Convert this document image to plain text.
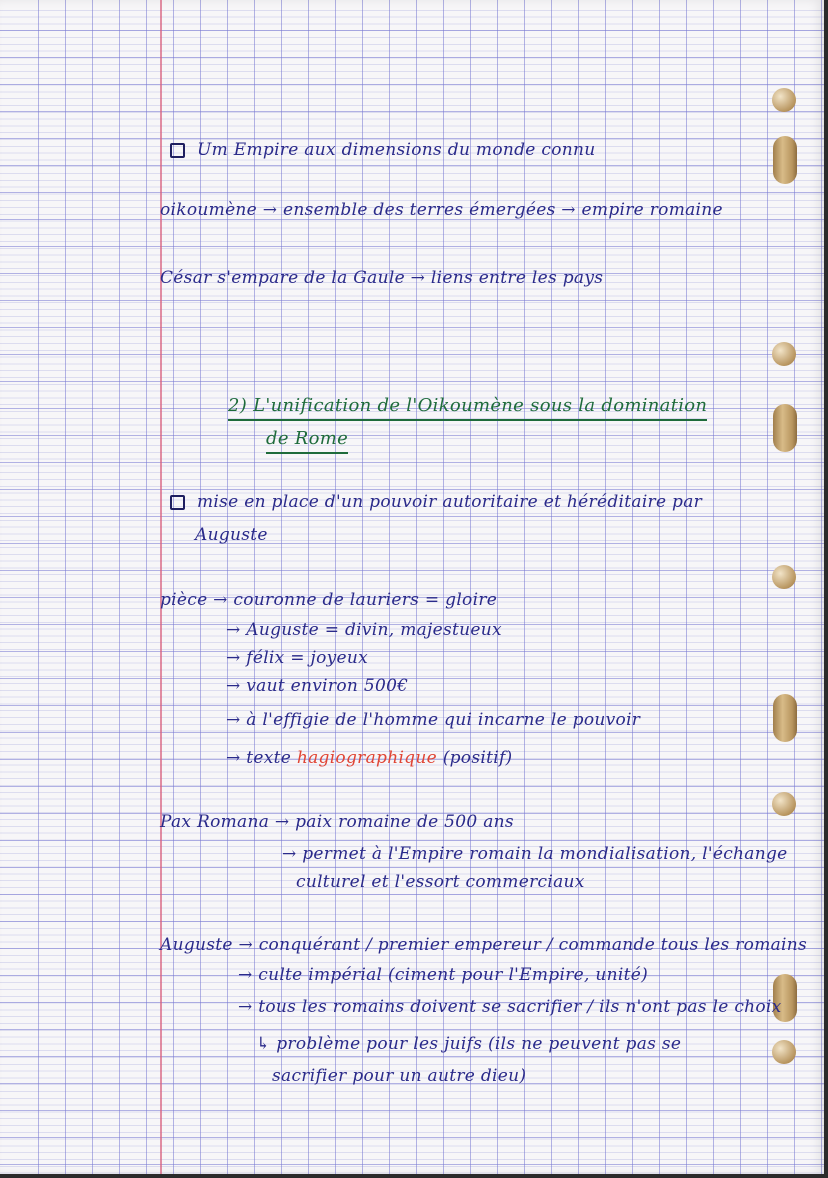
Um Empire aux dimensions du monde connu
oikoumène → ensemble des terres émergées → empire romaine
César s'empare de la Gaule → liens entre les pays
2) L'unification de l'Oikoumène sous la domination
de Rome
mise en place d'un pouvoir autoritaire et héréditaire par
Auguste
pièce → couronne de lauriers = gloire
→ Auguste = divin, majestueux
→ félix = joyeux
→ vaut environ 500€
→ à l'effigie de l'homme qui incarne le pouvoir
→ texte hagiographique (positif)
Pax Romana → paix romaine de 500 ans
→ permet à l'Empire romain la mondialisation, l'échange
culturel et l'essort commerciaux
Auguste → conquérant / premier empereur / commande tous les romains
→ culte impérial (ciment pour l'Empire, unité)
→ tous les romains doivent se sacrifier / ils n'ont pas le choix
↳ problème pour les juifs (ils ne peuvent pas se
sacrifier pour un autre dieu)
